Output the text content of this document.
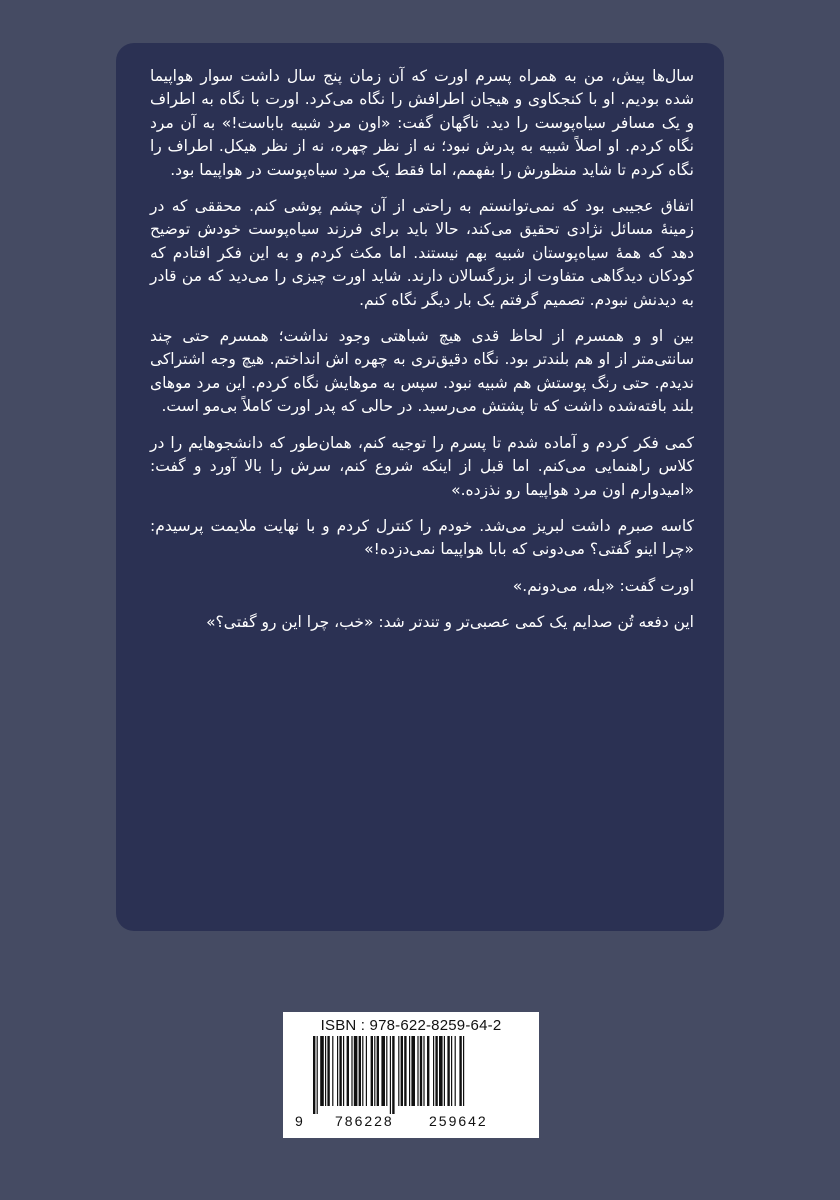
سال‌ها پیش، من به همراه پسرم اورت که آن زمان پنج سال داشت سوار هواپیما شده بودیم. او با کنجکاوی و هیجان اطرافش را نگاه می‌کرد. اورت با نگاه به اطراف و یک مسافر سیاه‌پوست را دید. ناگهان گفت: «اون مرد شبیه باباست!» به آن مرد نگاه کردم. او اصلاً شبیه به پدرش نبود؛ نه از نظر چهره، نه از نظر هیکل. اطراف را نگاه کردم تا شاید منظورش را بفهمم، اما فقط یک مرد سیاه‌پوست در هواپیما بود.

اتفاق عجیبی بود که نمی‌توانستم به راحتی از آن چشم پوشی کنم. محققی که در زمینهٔ مسائل نژادی تحقیق می‌کند، حالا باید برای فرزند سیاه‌پوست خودش توضیح دهد که همهٔ سیاه‌پوستان شبیه بهم نیستند. اما مکث کردم و به این فکر افتادم که کودکان دیدگاهی متفاوت از بزرگسالان دارند. شاید اورت چیزی را می‌دید که من قادر به دیدنش نبودم. تصمیم گرفتم یک بار دیگر نگاه کنم.

بین او و همسرم از لحاظ قدی هیچ شباهتی وجود نداشت؛ همسرم حتی چند سانتی‌متر از او هم بلندتر بود. نگاه دقیق‌تری به چهره اش انداختم. هیچ وجه اشتراکی ندیدم. حتی رنگ پوستش هم شبیه نبود. سپس به موهایش نگاه کردم. این مرد موهای بلند بافته‌شده داشت که تا پشتش می‌رسید. در حالی که پدر اورت کاملاً بی‌مو است.

کمی فکر کردم و آماده شدم تا پسرم را توجیه کنم، همان‌طور که دانشجوهایم را در کلاس راهنمایی می‌کنم. اما قبل از اینکه شروع کنم، سرش را بالا آورد و گفت: «امیدوارم اون مرد هواپیما رو نذزده.»

کاسه صبرم داشت لبریز می‌شد. خودم را کنترل کردم و با نهایت ملایمت پرسیدم: «چرا اینو گفتی؟ می‌دونی که بابا هواپیما نمی‌دزده!»

اورت گفت: «بله، می‌دونم.»

این دفعه تُن صدایم یک کمی عصبی‌تر و تندتر شد: «خب، چرا این رو گفتی؟»

ISBN : 978-622-8259-64-2
9 786228	259642
